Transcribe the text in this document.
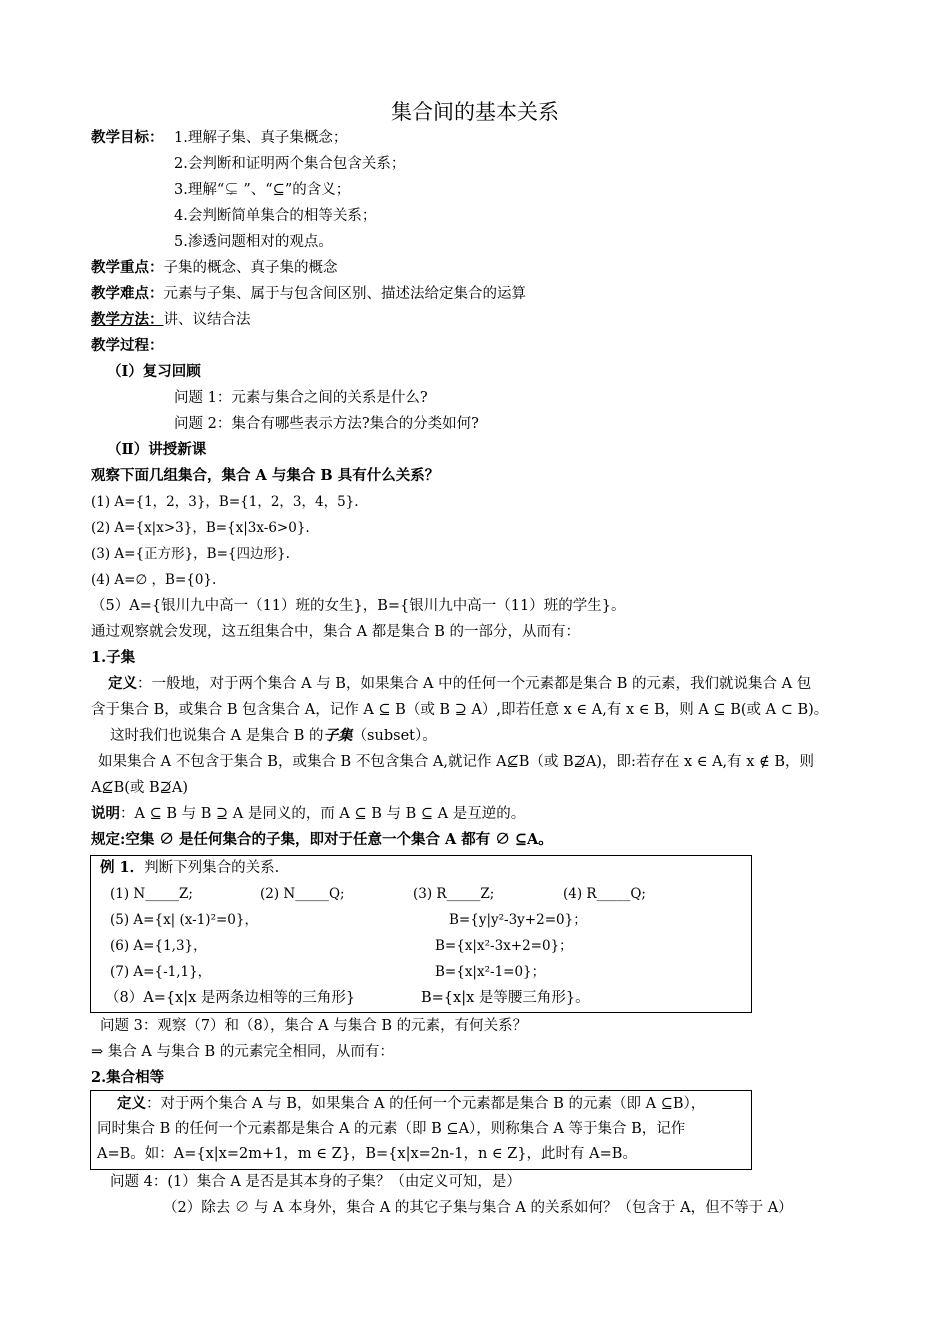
集合间的基本关系
教学目标： 1.理解子集、真子集概念；
2.会判断和证明两个集合包含关系；
3.理解“⊊ ”、“⊆”的含义；
4.会判断简单集合的相等关系；
5.渗透问题相对的观点。
教学重点：子集的概念、真子集的概念
教学难点：元素与子集、属于与包含间区别、描述法给定集合的运算
教学方法：讲、议结合法
教学过程：
（I）复习回顾
问题 1：元素与集合之间的关系是什么?
问题 2：集合有哪些表示方法?集合的分类如何?
（Ⅱ）讲授新课
观察下面几组集合，集合 A 与集合 B 具有什么关系？
(1) A={1，2，3}，B={1，2，3，4，5}.
(2) A={x|x>3}，B={x|3x-6>0}.
(3) A={正方形}，B={四边形}.
(4) A=∅ ，B={0}.
（5）A={银川九中高一（11）班的女生}，B={银川九中高一（11）班的学生}。
通过观察就会发现，这五组集合中，集合 A 都是集合 B 的一部分，从而有：
1.子集
定义：一般地，对于两个集合 A 与 B，如果集合 A 中的任何一个元素都是集合 B 的元素，我们就说集合 A 包
含于集合 B，或集合 B 包含集合 A，记作 A ⊆ B（或 B ⊇ A）,即若任意 x ∈ A,有 x ∈ B，则 A ⊆ B(或 A ⊂ B)。
这时我们也说集合 A 是集合 B 的子集（subset）。
如果集合 A 不包含于集合 B，或集合 B 不包含集合 A,就记作 A⊈B（或 B⊉A)，即:若存在 x ∈ A,有 x ∉ B，则
A⊈B(或 B⊉A)
说明：A ⊆ B 与 B ⊇ A 是同义的，而 A ⊆ B 与 B ⊆ A 是互逆的。
规定:空集 ∅ 是任何集合的子集，即对于任意一个集合 A 都有 ∅ ⊆A。
例 1．判断下列集合的关系.
(1) N_____Z;	(2) N_____Q;	(3) R_____Z;	(4) R_____Q;
(5) A={x| (x-1)²=0}，	B={y|y²-3y+2=0}；
(6) A={1,3}，	B={x|x²-3x+2=0}；
(7) A={-1,1}，	B={x|x²-1=0}；
（8）A={x|x 是两条边相等的三角形}	B={x|x 是等腰三角形}。
问题 3：观察（7）和（8），集合 A 与集合 B 的元素，有何关系？
⇒ 集合 A 与集合 B 的元素完全相同，从而有：
2.集合相等
定义：对于两个集合 A 与 B，如果集合 A 的任何一个元素都是集合 B 的元素（即 A ⊆B），
同时集合 B 的任何一个元素都是集合 A 的元素（即 B ⊆A），则称集合 A 等于集合 B，记作
A=B。如：A={x|x=2m+1，m ∈ Z}，B={x|x=2n-1，n ∈ Z}，此时有 A=B。
问题 4：(1）集合 A 是否是其本身的子集？（由定义可知，是）
（2）除去 ∅ 与 A 本身外，集合 A 的其它子集与集合 A 的关系如何？（包含于 A，但不等于 A）
